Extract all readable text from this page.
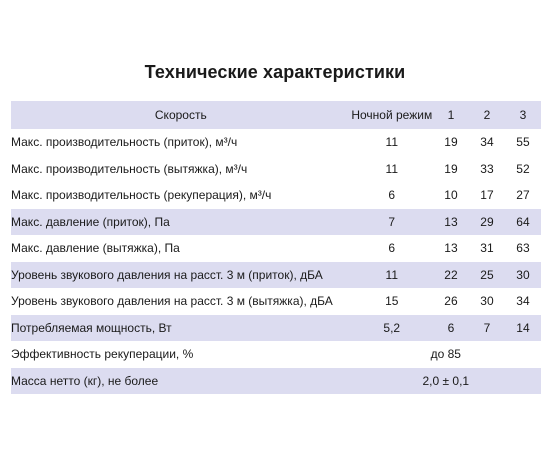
Технические характеристики
Скорость	Ночной режим	1	2	3
Макс. производительность (приток), м³/ч	11	19	34	55
Макс. производительность (вытяжка), м³/ч	11	19	33	52
Макс. производительность (рекуперация), м³/ч	6	10	17	27
Макс. давление (приток), Па	7	13	29	64
Макс. давление (вытяжка), Па	6	13	31	63
Уровень звукового давления на расст. 3 м (приток), дБА	11	22	25	30
Уровень звукового давления на расст. 3 м (вытяжка), дБА	15	26	30	34
Потребляемая мощность, Вт	5,2	6	7	14
Эффективность рекуперации, %	до 85			
Масса нетто (кг), не более	2,0 ± 0,1			
